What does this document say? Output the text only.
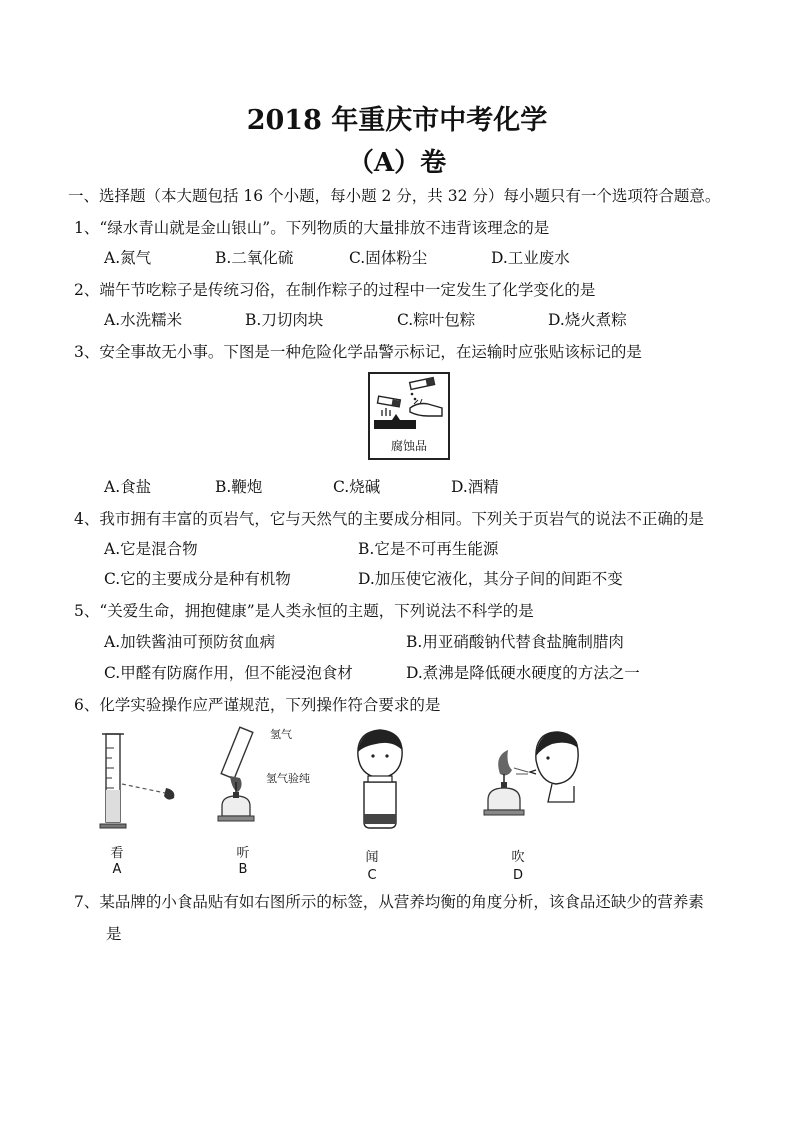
2018 年重庆市中考化学
（A）卷
一、选择题（本大题包括 16 个小题，每小题 2 分，共 32 分）每小题只有一个选项符合题意。
1、“绿水青山就是金山银山”。下列物质的大量排放不违背该理念的是
A.氮气	B.二氧化硫	C.固体粉尘	D.工业废水
2、端午节吃粽子是传统习俗，在制作粽子的过程中一定发生了化学变化的是
A.水洗糯米	B.刀切肉块	C.粽叶包粽	D.烧火煮粽
3、安全事故无小事。下图是一种危险化学品警示标记，在运输时应张贴该标记的是
腐蚀品
A.食盐	B.鞭炮	C.烧碱	D.酒精
4、我市拥有丰富的页岩气，它与天然气的主要成分相同。下列关于页岩气的说法不正确的是
A.它是混合物	B.它是不可再生能源
C.它的主要成分是种有机物	D.加压使它液化，其分子间的间距不变
5、“关爱生命，拥抱健康”是人类永恒的主题，下列说法不科学的是
A.加铁酱油可预防贫血病	B.用亚硝酸钠代替食盐腌制腊肉
C.甲醛有防腐作用，但不能浸泡食材	D.煮沸是降低硬水硬度的方法之一
6、化学实验操作应严谨规范，下列操作符合要求的是
看
A
氢气
氢气验纯
听
B
闻
C
吹
D
7、某品牌的小食品贴有如右图所示的标签，从营养均衡的角度分析，该食品还缺少的营养素
是
